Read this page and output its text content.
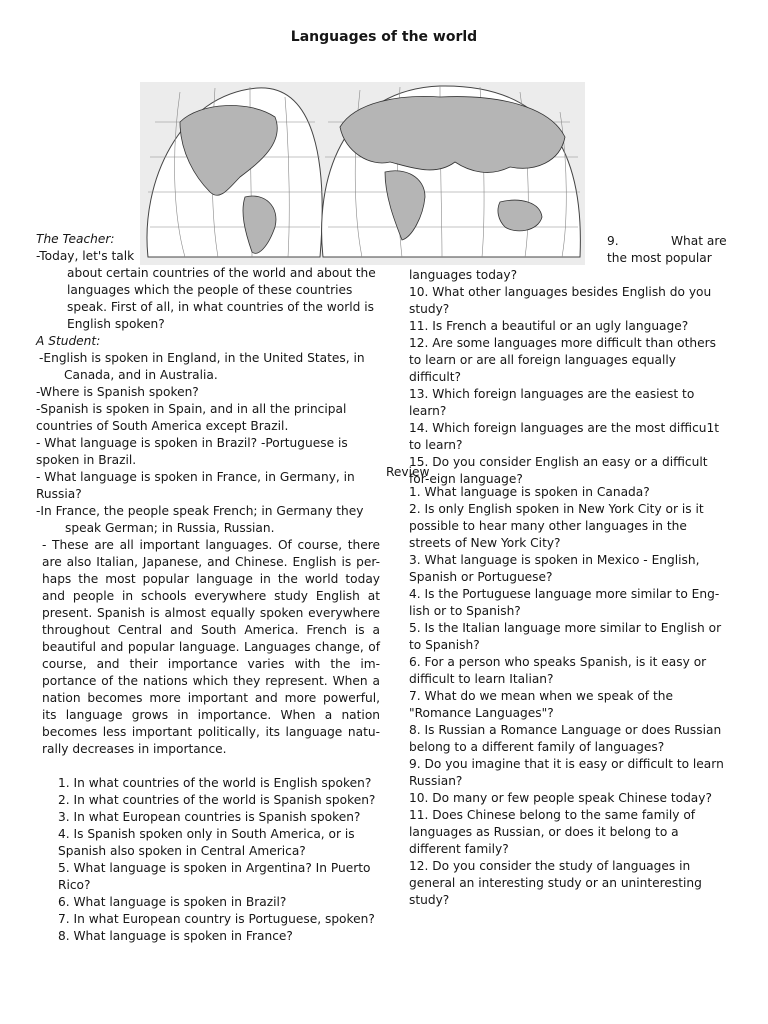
Languages of the world

The Teacher:

-Today, let's talk

about certain countries of the world and about the languages which the people of these countries speak. First of all, in what countries of the world is English spoken?

A Student:

-English is spoken in England, in the United States, in Canada, and in Australia.

-Where is Spanish spoken?

-Spanish is spoken in Spain, and in all the principal countries of South America except Brazil.

- What language is spoken in Brazil? -Portuguese is spoken in Brazil.

- What language is spoken in France, in Germany, in Russia?

-In France, the people speak French; in Germany they speak German; in Russia, Russian.

- These are all important languages. Of course, there are also Italian, Japanese, and Chinese. English is per-haps the most popular language in the world today and people in schools everywhere study English at present. Spanish is almost equally spoken everywhere throughout Central and South America. French is a beautiful and popular language. Languages change, of course, and their importance varies with the im-portance of the nations which they represent. When a nation becomes more important and more powerful, its language grows in importance. When a nation becomes less important politically, its language natu-rally decreases in importance.

1. In what countries of the world is English spoken?

2. In what countries of the world is Spanish spoken?

3. In what European countries is Spanish spoken?

4. Is Spanish spoken only in South America, or is Spanish also spoken in Central America?

5. What language is spoken in Argentina? In Puerto Rico?

6. What language is spoken in Brazil?

7. In what European country is Portuguese, spoken?

8. What language is spoken in France?

9.	What are the most popular

languages today?

10. What other languages besides English do you study?

11. Is French a beautiful or an ugly language?

12. Are some languages more difficult than others to learn or are all foreign languages equally difficult?

13. Which foreign languages are the easiest to learn?

14. Which foreign languages are the most difficu1t to learn?

15. Do you consider English an easy or a difficult for-eign language?

Review

1. What language is spoken in Canada?

2. Is only English spoken in New York City or is it possible to hear many other languages in the streets of New York City?

3. What language is spoken in Mexico - English, Spanish or Portuguese?

4. Is the Portuguese language more similar to Eng-lish or to Spanish?

5. Is the Italian language more similar to English or to Spanish?

6. For a person who speaks Spanish, is it easy or difficult to learn Italian?

7. What do we mean when we speak of the "Romance Languages"?

8. Is Russian a Romance Language or does Russian belong to a different family of languages?

9. Do you imagine that it is easy or difficult to learn Russian?

10. Do many or few people speak Chinese today?

11. Does Chinese belong to the same family of languages as Russian, or does it belong to a different family?

12. Do you consider the study of languages in general an interesting study or an uninteresting study?
